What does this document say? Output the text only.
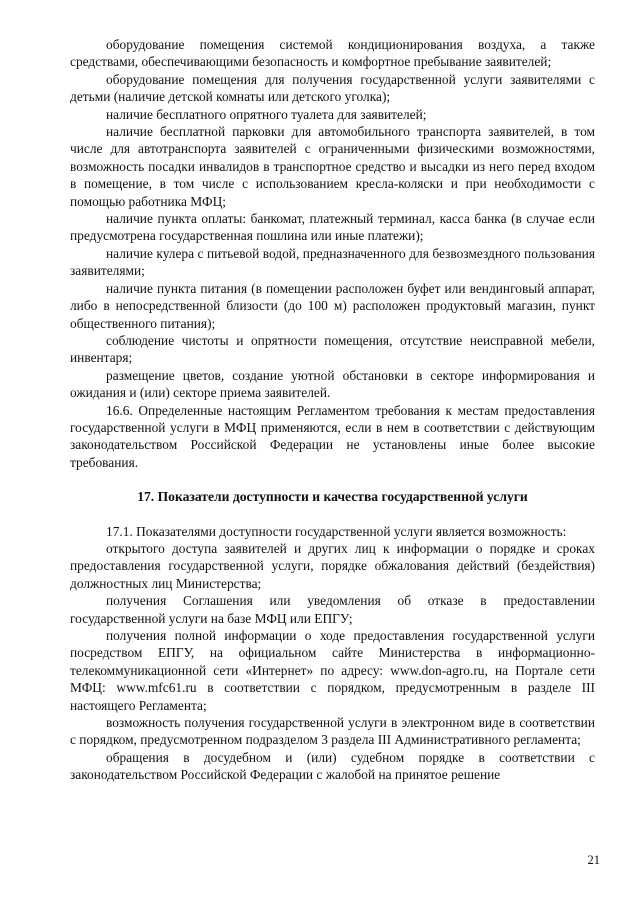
оборудование помещения системой кондиционирования воздуха, а также средствами, обеспечивающими безопасность и комфортное пребывание заявителей;

оборудование помещения для получения государственной услуги заявителями с детьми (наличие детской комнаты или детского уголка);

наличие бесплатного опрятного туалета для заявителей;

наличие бесплатной парковки для автомобильного транспорта заявителей, в том числе для автотранспорта заявителей с ограниченными физическими возможностями, возможность посадки инвалидов в транспортное средство и высадки из него перед входом в помещение, в том числе с использованием кресла-коляски и при необходимости с помощью работника МФЦ;

наличие пункта оплаты: банкомат, платежный терминал, касса банка (в случае если предусмотрена государственная пошлина или иные платежи);

наличие кулера с питьевой водой, предназначенного для безвозмездного пользования заявителями;

наличие пункта питания (в помещении расположен буфет или вендинговый аппарат, либо в непосредственной близости (до 100 м) расположен продуктовый магазин, пункт общественного питания);

соблюдение чистоты и опрятности помещения, отсутствие неисправной мебели, инвентаря;

размещение цветов, создание уютной обстановки в секторе информирования и ожидания и (или) секторе приема заявителей.

16.6. Определенные настоящим Регламентом требования к местам предоставления государственной услуги в МФЦ применяются, если в нем в соответствии с действующим законодательством Российской Федерации не установлены иные более высокие требования.

17. Показатели доступности и качества государственной услуги

17.1. Показателями доступности государственной услуги является возможность:

открытого доступа заявителей и других лиц к информации о порядке и сроках предоставления государственной услуги, порядке обжалования действий (бездействия) должностных лиц Министерства;

получения Соглашения или уведомления об отказе в предоставлении государственной услуги на базе МФЦ или ЕПГУ;

получения полной информации о ходе предоставления государственной услуги посредством ЕПГУ, на официальном сайте Министерства в информационно-телекоммуникационной сети «Интернет» по адресу: www.don-agro.ru, на Портале сети МФЦ: www.mfc61.ru в соответствии с порядком, предусмотренным в разделе III настоящего Регламента;

возможность получения государственной услуги в электронном виде в соответствии с порядком, предусмотренном подразделом 3 раздела III Административного регламента;

обращения в досудебном и (или) судебном порядке в соответствии с законодательством Российской Федерации с жалобой на принятое решение

21
